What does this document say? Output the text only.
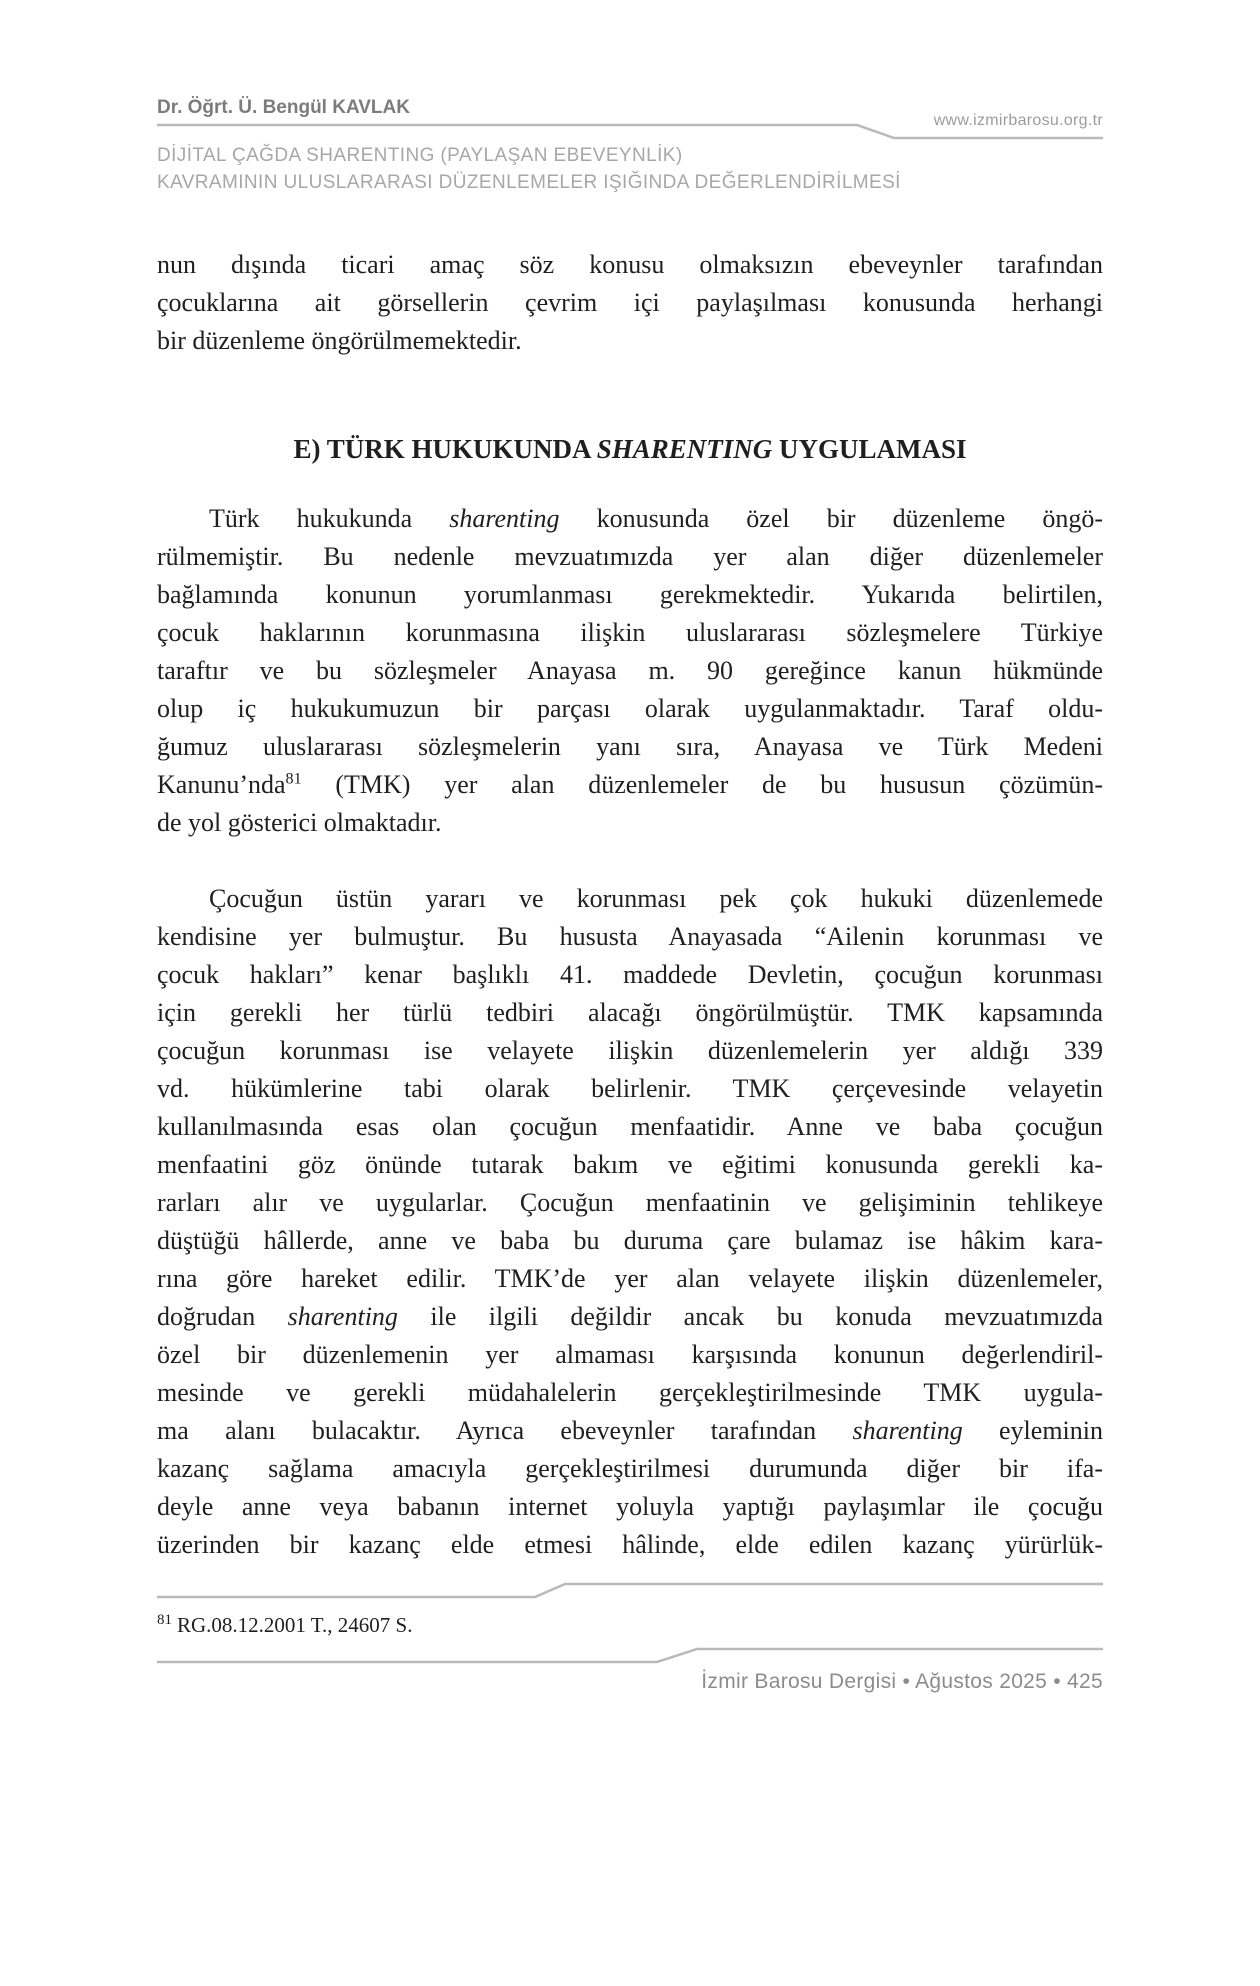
Dr. Öğrt. Ü. Bengül KAVLAK
www.izmirbarosu.org.tr
DİJİTAL ÇAĞDA SHARENTING (PAYLAŞAN EBEVEYNLİK)
KAVRAMININ ULUSLARARASI DÜZENLEMELER IŞIĞINDA DEĞERLENDİRİLMESİ
nun dışında ticari amaç söz konusu olmaksızın ebeveynler tarafından
çocuklarına ait görsellerin çevrim içi paylaşılması konusunda herhangi
bir düzenleme öngörülmemektedir.
E) TÜRK HUKUKUNDA SHARENTING UYGULAMASI
Türk hukukunda sharenting konusunda özel bir düzenleme öngö-
rülmemiştir. Bu nedenle mevzuatımızda yer alan diğer düzenlemeler
bağlamında konunun yorumlanması gerekmektedir. Yukarıda belirtilen,
çocuk haklarının korunmasına ilişkin uluslararası sözleşmelere Türkiye
taraftır ve bu sözleşmeler Anayasa m. 90 gereğince kanun hükmünde
olup iç hukukumuzun bir parçası olarak uygulanmaktadır. Taraf oldu-
ğumuz uluslararası sözleşmelerin yanı sıra, Anayasa ve Türk Medeni
Kanunu’nda$^{81}$ (TMK) yer alan düzenlemeler de bu hususun çözümün-
de yol gösterici olmaktadır.
Çocuğun üstün yararı ve korunması pek çok hukuki düzenlemede
kendisine yer bulmuştur. Bu hususta Anayasada “Ailenin korunması ve
çocuk hakları” kenar başlıklı 41. maddede Devletin, çocuğun korunması
için gerekli her türlü tedbiri alacağı öngörülmüştür. TMK kapsamında
çocuğun korunması ise velayete ilişkin düzenlemelerin yer aldığı 339
vd. hükümlerine tabi olarak belirlenir. TMK çerçevesinde velayetin
kullanılmasında esas olan çocuğun menfaatidir. Anne ve baba çocuğun
menfaatini göz önünde tutarak bakım ve eğitimi konusunda gerekli ka-
rarları alır ve uygularlar. Çocuğun menfaatinin ve gelişiminin tehlikeye
düştüğü hâllerde, anne ve baba bu duruma çare bulamaz ise hâkim kara-
rına göre hareket edilir. TMK’de yer alan velayete ilişkin düzenlemeler,
doğrudan sharenting ile ilgili değildir ancak bu konuda mevzuatımızda
özel bir düzenlemenin yer almaması karşısında konunun değerlendiril-
mesinde ve gerekli müdahalelerin gerçekleştirilmesinde TMK uygula-
ma alanı bulacaktır. Ayrıca ebeveynler tarafından sharenting eyleminin
kazanç sağlama amacıyla gerçekleştirilmesi durumunda diğer bir ifa-
deyle anne veya babanın internet yoluyla yaptığı paylaşımlar ile çocuğu
üzerinden bir kazanç elde etmesi hâlinde, elde edilen kazanç yürürlük-
$^{81}$ RG.08.12.2001 T., 24607 S.
İzmir Barosu Dergisi • Ağustos 2025 • 425
